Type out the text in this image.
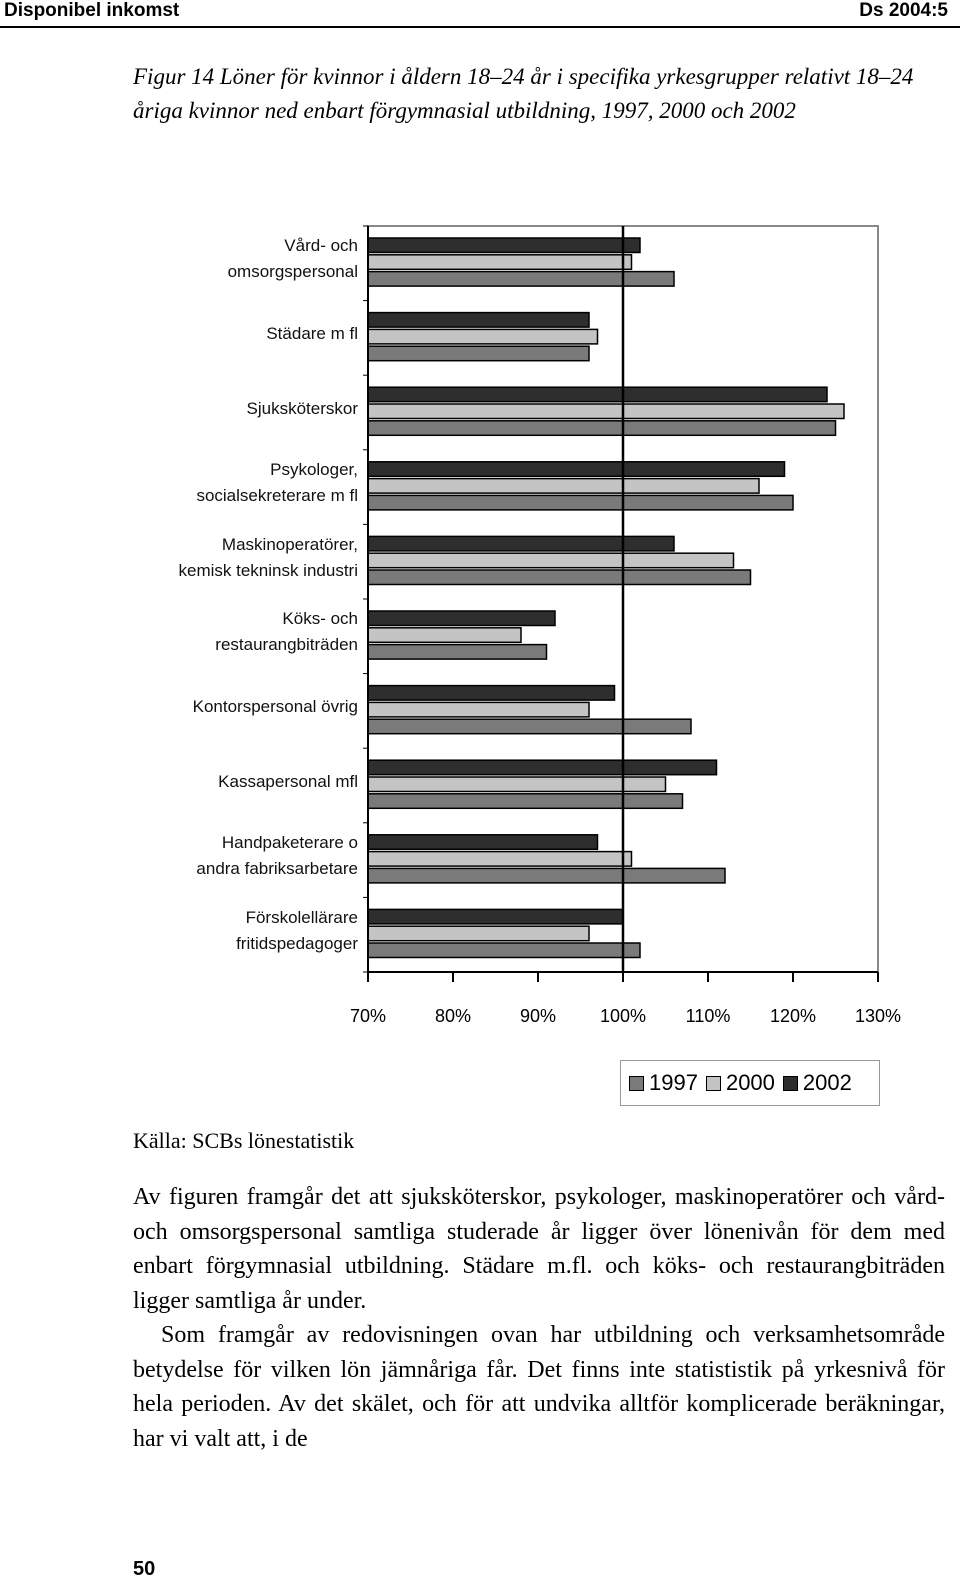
Disponibel inkomst	Ds 2004:5
Figur 14 Löner för kvinnor i åldern 18–24 år i specifika yrkesgrupper relativt 18–24 åriga kvinnor ned enbart förgymnasial utbildning, 1997, 2000 och 2002
Vård- och
omsorgspersonal
Städare m fl
Sjuksköterskor
Psykologer,
socialsekreterare m fl
Maskinoperatörer,
kemisk tekninsk industri
Köks- och
restaurangbiträden
Kontorspersonal övrig
Kassapersonal mfl
Handpaketerare o
andra fabriksarbetare
Förskolellärare
fritidspedagoger
70%	80%	90%	100%	110%	120%	130%
1997 2000 2002
Källa: SCBs lönestatistik

Av figuren framgår det att sjuksköterskor, psykologer, maskinoperatörer och vård- och omsorgspersonal samtliga studerade år ligger över lönenivån för dem med enbart förgymnasial utbildning. Städare m.fl. och köks- och restaurangbiträden ligger samtliga år under.

Som framgår av redovisningen ovan har utbildning och verksamhetsområde betydelse för vilken lön jämnåriga får. Det finns inte statististik på yrkesnivå för hela perioden. Av det skälet, och för att undvika alltför komplicerade beräkningar, har vi valt att, i de

50
